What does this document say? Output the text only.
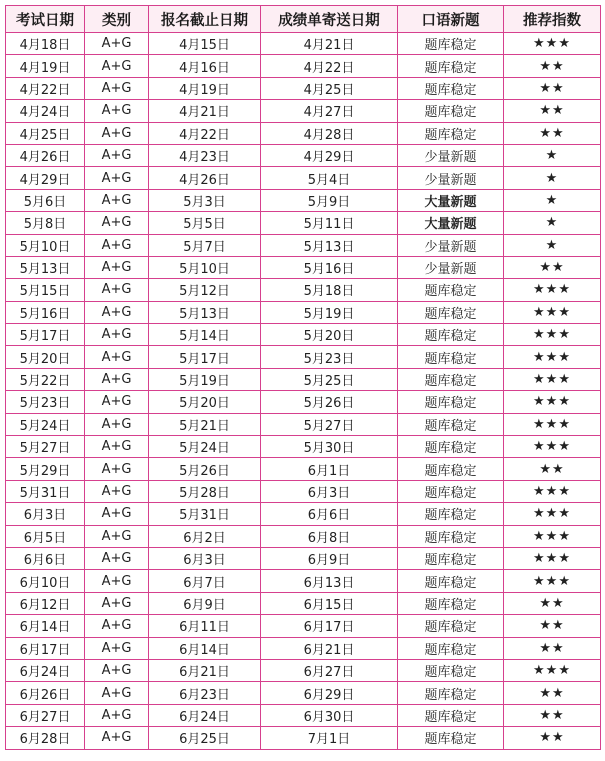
考试日期	类别	报名截止日期	成绩单寄送日期	口语新题	推荐指数
4月18日	A+G	4月15日	4月21日	题库稳定	★★★
4月19日	A+G	4月16日	4月22日	题库稳定	★★
4月22日	A+G	4月19日	4月25日	题库稳定	★★
4月24日	A+G	4月21日	4月27日	题库稳定	★★
4月25日	A+G	4月22日	4月28日	题库稳定	★★
4月26日	A+G	4月23日	4月29日	少量新题	★
4月29日	A+G	4月26日	5月4日	少量新题	★
5月6日	A+G	5月3日	5月9日	大量新题	★
5月8日	A+G	5月5日	5月11日	大量新题	★
5月10日	A+G	5月7日	5月13日	少量新题	★
5月13日	A+G	5月10日	5月16日	少量新题	★★
5月15日	A+G	5月12日	5月18日	题库稳定	★★★
5月16日	A+G	5月13日	5月19日	题库稳定	★★★
5月17日	A+G	5月14日	5月20日	题库稳定	★★★
5月20日	A+G	5月17日	5月23日	题库稳定	★★★
5月22日	A+G	5月19日	5月25日	题库稳定	★★★
5月23日	A+G	5月20日	5月26日	题库稳定	★★★
5月24日	A+G	5月21日	5月27日	题库稳定	★★★
5月27日	A+G	5月24日	5月30日	题库稳定	★★★
5月29日	A+G	5月26日	6月1日	题库稳定	★★
5月31日	A+G	5月28日	6月3日	题库稳定	★★★
6月3日	A+G	5月31日	6月6日	题库稳定	★★★
6月5日	A+G	6月2日	6月8日	题库稳定	★★★
6月6日	A+G	6月3日	6月9日	题库稳定	★★★
6月10日	A+G	6月7日	6月13日	题库稳定	★★★
6月12日	A+G	6月9日	6月15日	题库稳定	★★
6月14日	A+G	6月11日	6月17日	题库稳定	★★
6月17日	A+G	6月14日	6月21日	题库稳定	★★
6月24日	A+G	6月21日	6月27日	题库稳定	★★★
6月26日	A+G	6月23日	6月29日	题库稳定	★★
6月27日	A+G	6月24日	6月30日	题库稳定	★★
6月28日	A+G	6月25日	7月1日	题库稳定	★★
